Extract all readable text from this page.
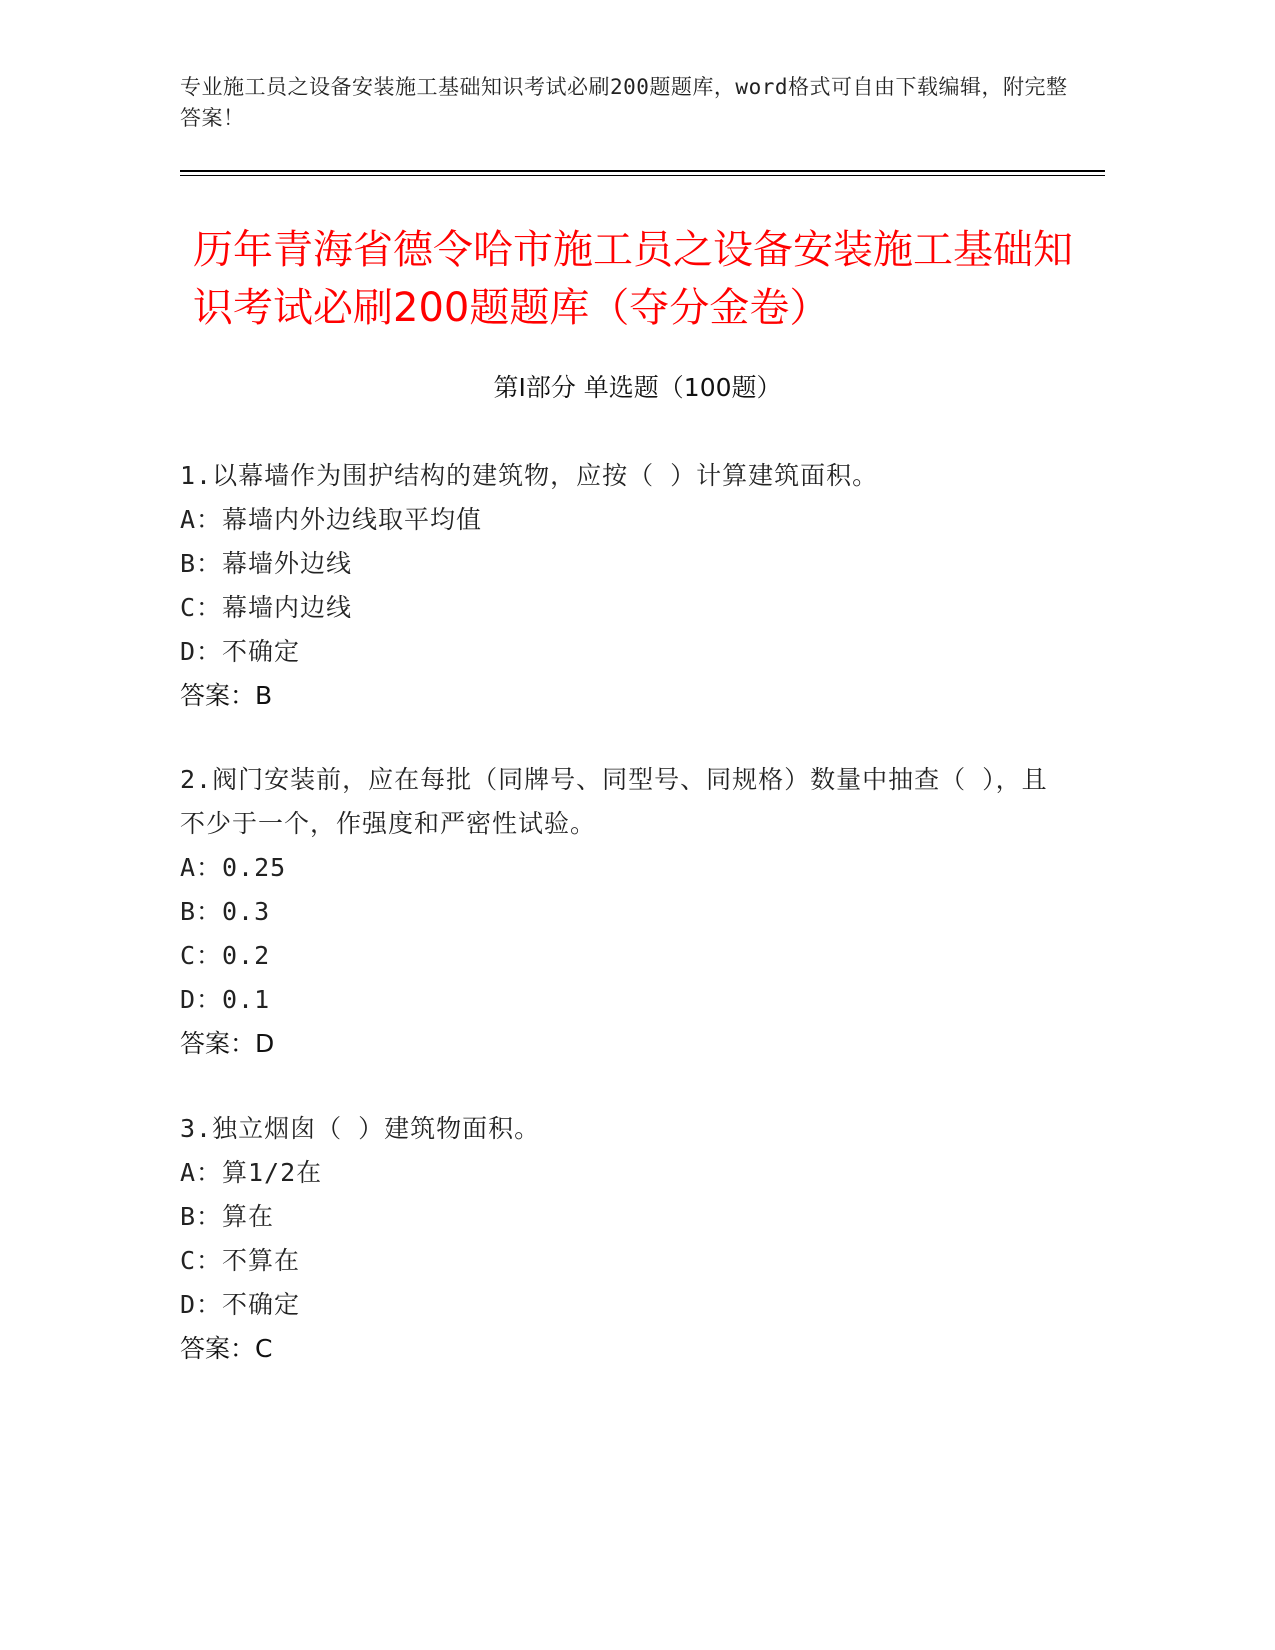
专业施工员之设备安装施工基础知识考试必刷200题题库，word格式可自由下载编辑，附完整答案！
历年青海省德令哈市施工员之设备安装施工基础知识考试必刷200题题库（夺分金卷）
第Ⅰ部分 单选题（100题）
1.以幕墙作为围护结构的建筑物，应按（ ）计算建筑面积。
A：幕墙内外边线取平均值
B：幕墙外边线
C：幕墙内边线
D：不确定
答案：B
2.阀门安装前，应在每批（同牌号、同型号、同规格）数量中抽查（ ），且不少于一个，作强度和严密性试验。
A：0.25
B：0.3
C：0.2
D：0.1
答案：D
3.独立烟囱（ ）建筑物面积。
A：算1/2在
B：算在
C：不算在
D：不确定
答案：C
